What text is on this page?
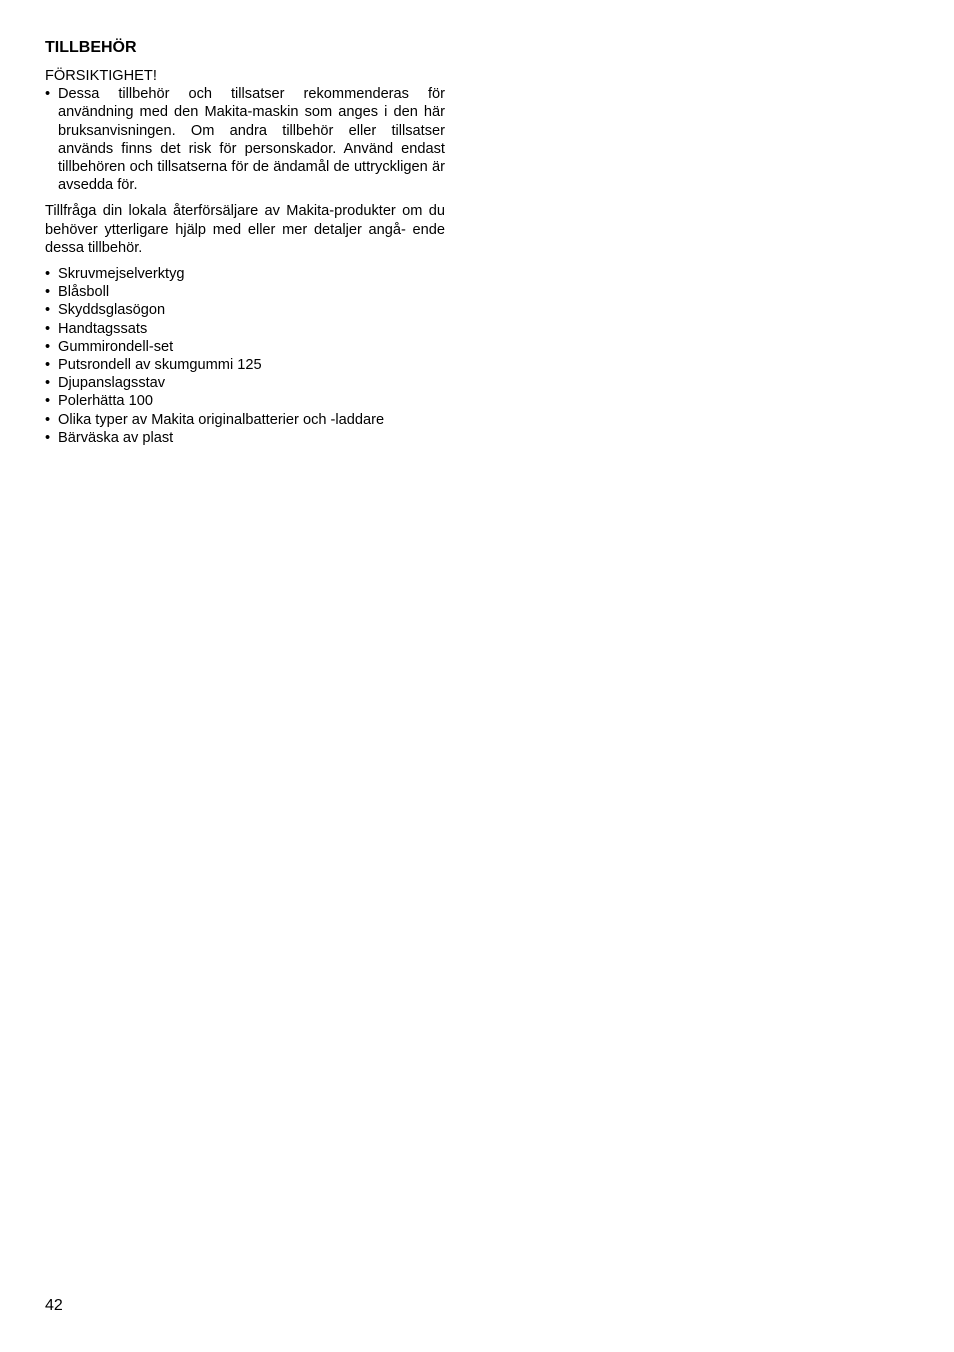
TILLBEHÖR

FÖRSIKTIGHET!

• Dessa tillbehör och tillsatser rekommenderas för användning med den Makita-maskin som anges i den här bruksanvisningen. Om andra tillbehör eller tillsatser används finns det risk för personskador. Använd endast tillbehören och tillsatserna för de ändamål de uttryckligen är avsedda för.

Tillfråga din lokala återförsäljare av Makita-produkter om du behöver ytterligare hjälp med eller mer detaljer angå- ende dessa tillbehör.

• Skruvmejselverktyg
• Blåsboll
• Skyddsglasögon
• Handtagssats
• Gummirondell-set
• Putsrondell av skumgummi 125
• Djupanslagsstav
• Polerhätta 100
• Olika typer av Makita originalbatterier och -laddare
• Bärväska av plast
42
